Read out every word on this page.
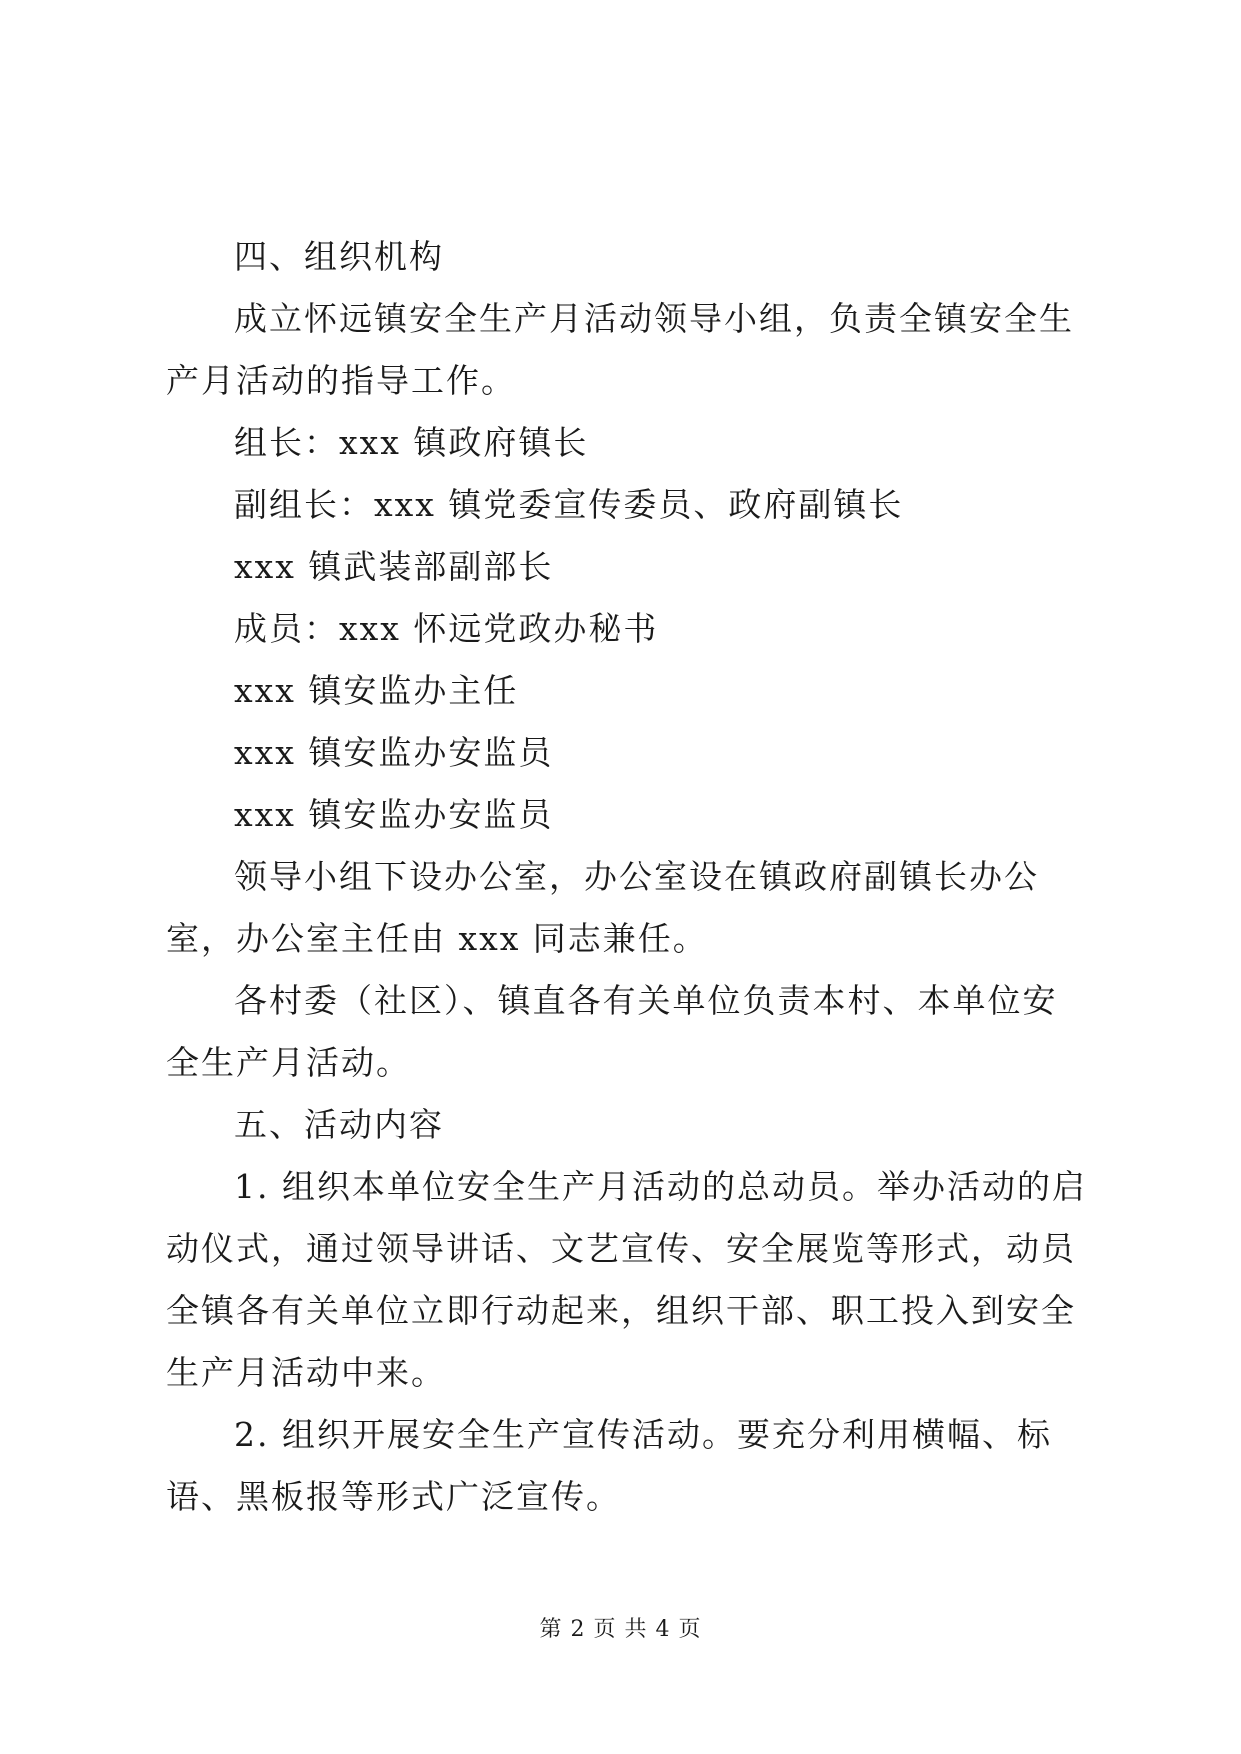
四、组织机构

成立怀远镇安全生产月活动领导小组，负责全镇安全生产月活动的指导工作。

组长：xxx 镇政府镇长

副组长：xxx 镇党委宣传委员、政府副镇长

xxx 镇武装部副部长

成员：xxx 怀远党政办秘书

xxx 镇安监办主任

xxx 镇安监办安监员

xxx 镇安监办安监员

领导小组下设办公室，办公室设在镇政府副镇长办公室，办公室主任由 xxx 同志兼任。

各村委（社区）、镇直各有关单位负责本村、本单位安全生产月活动。

五、活动内容

1. 组织本单位安全生产月活动的总动员。举办活动的启动仪式，通过领导讲话、文艺宣传、安全展览等形式，动员全镇各有关单位立即行动起来，组织干部、职工投入到安全生产月活动中来。

2. 组织开展安全生产宣传活动。要充分利用横幅、标语、黑板报等形式广泛宣传。

第 2 页 共 4 页
